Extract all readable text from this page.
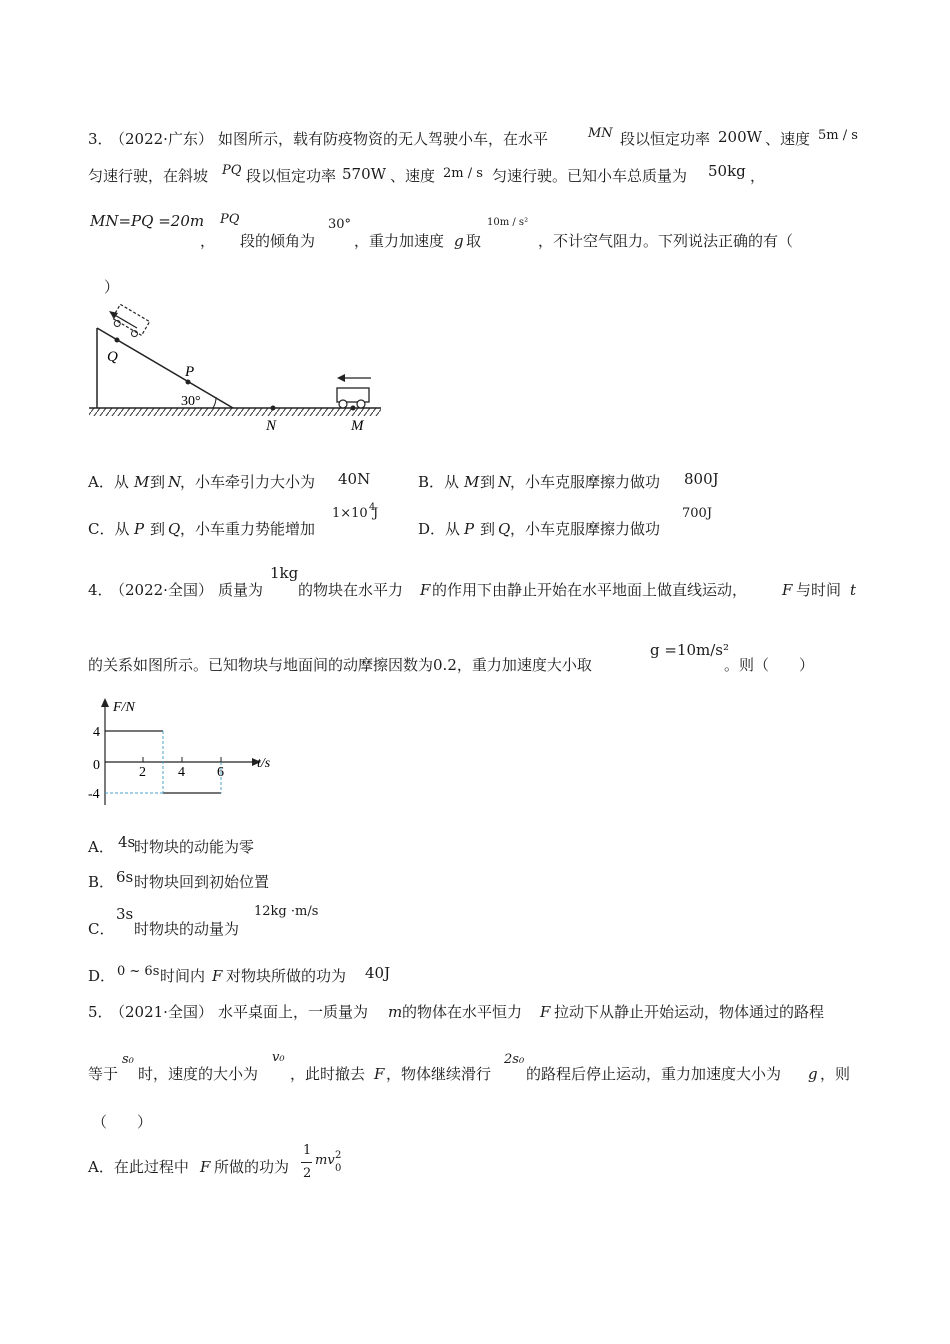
3．
（2022·广东） 如图所示，载有防疫物资的无人驾驶小车，在水平	MN 段以恒定功率 200W 、速度 5m / s
匀速行驶，在斜坡 PQ 段以恒定功率 570W 、速度 2m / s 匀速行驶。已知小车总质量为 50kg ，
MN=PQ =20m
，
PQ
段的倾角为
30°
，重力加速度 g 取
10m / s²
，不计空气阻力。下列说法正确的有（
）
Q
P
30°
N	M
A．从 M 到 N
，小车牵引力大小为 40N	B．从 M 到 N
，小车克服摩擦力做功 800J
C．从 P 到 Q ，小车重力势能增加
1×10 4
J
D．从 P 到 Q ，小车克服摩擦力做功
700J
4．
（2022·全国） 质量为
1kg
的物块在水平力 F 的作用下由静止开始在水平地面上做直线运动， F 与时间 t
的关系如图所示。已知物块与地面间的动摩擦因数为0.2，重力加速度大小取
g =10m/s²
。则（　　）
F/N
t/s
4
0
-4
2 4 6
A． 4s
时物块的动能为零
B． 6s 时物块回到初始位置
C．
3s
时物块的动量为
12kg ·m/s
D． 0 ~ 6s 时间内 F 对物块所做的功为 40J
5．
（2021·全国） 水平桌面上，一质量为 m 的物体在水平恒力 F 拉动下从静止开始运动，物体通过的路程
等于
s₀
时，速度的大小为
v₀
，此时撤去 F ，物体继续滑行
2s₀
的路程后停止运动，重力加速度大小为 g ，则
（　　）
A．在此过程中 F 所做的功为
1
2
mv 2
0
